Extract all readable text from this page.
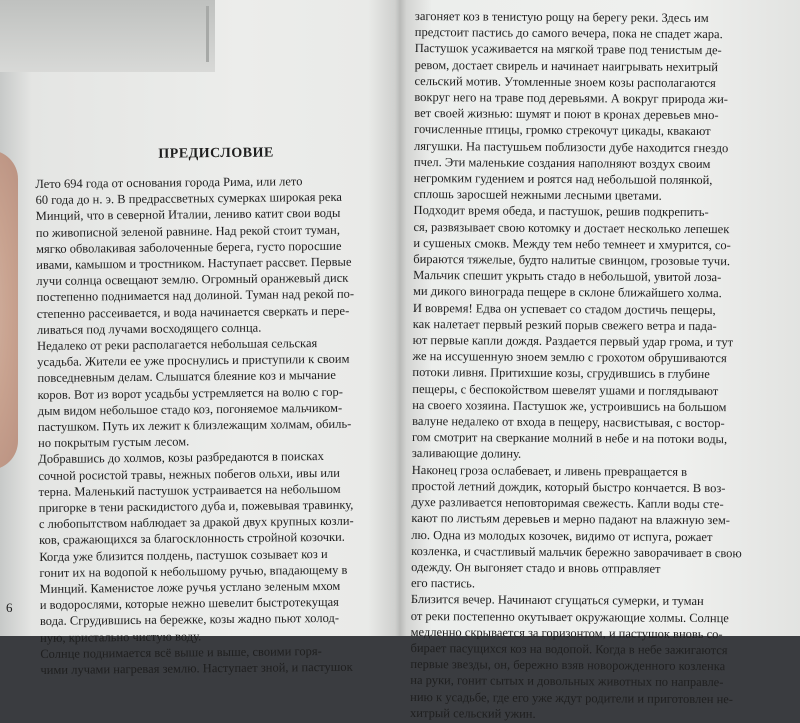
ПРЕДИСЛОВИЕ

Лето 694 года от основания города Рима, или лето
60 года до н. э. В предрассветных сумерках широкая река
Минций, что в северной Италии, лениво катит свои воды
по живописной зеленой равнине. Над рекой стоит туман,
мягко обволакивая заболоченные берега, густо поросшие
ивами, камышом и тростником. Наступает рассвет. Первые
лучи солнца освещают землю. Огромный оранжевый диск
постепенно поднимается над долиной. Туман над рекой по-
степенно рассеивается, и вода начинается сверкать и пере-
ливаться под лучами восходящего солнца.

Недалеко от реки располагается небольшая сельская
усадьба. Жители ее уже проснулись и приступили к своим
повседневным делам. Слышатся блеяние коз и мычание
коров. Вот из ворот усадьбы устремляется на волю с гор-
дым видом небольшое стадо коз, погоняемое мальчиком-
пастушком. Путь их лежит к близлежащим холмам, обиль-
но покрытым густым лесом.

Добравшись до холмов, козы разбредаются в поисках
сочной росистой травы, нежных побегов ольхи, ивы или
терна. Маленький пастушок устраивается на небольшом
пригорке в тени раскидистого дуба и, пожевывая травинку,
с любопытством наблюдает за дракой двух крупных козли-
ков, сражающихся за благосклонность стройной козочки.

Когда уже близится полдень, пастушок созывает коз и
гонит их на водопой к небольшому ручью, впадающему в
Минций. Каменистое ложе ручья устлано зеленым мхом
и водорослями, которые нежно шевелит быстротекущая
вода. Сгрудившись на бережке, козы жадно пьют холод-
ную, кристально чистую воду.

Солнце поднимается всё выше и выше, своими горя-
чими лучами нагревая землю. Наступает зной, и пастушок

6

загоняет коз в тенистую рощу на берегу реки. Здесь им
предстоит пастись до самого вечера, пока не спадет жара.
Пастушок усаживается на мягкой траве под тенистым де-
ревом, достает свирель и начинает наигрывать нехитрый
сельский мотив. Утомленные зноем козы располагаются
вокруг него на траве под деревьями. А вокруг природа жи-
вет своей жизнью: шумят и поют в кронах деревьев мно-
гочисленные птицы, громко стрекочут цикады, квакают
лягушки. На пастушьем поблизости дубе находится гнездо
пчел. Эти маленькие создания наполняют воздух своим
негромким гудением и роятся над небольшой полянкой,
сплошь заросшей нежными лесными цветами.

Подходит время обеда, и пастушок, решив подкрепить-
ся, развязывает свою котомку и достает несколько лепешек
и сушеных смокв. Между тем небо темнеет и хмурится, со-
бираются тяжелые, будто налитые свинцом, грозовые тучи.
Мальчик спешит укрыть стадо в небольшой, увитой лоза-
ми дикого винограда пещере в склоне ближайшего холма.
И вовремя! Едва он успевает со стадом достичь пещеры,
как налетает первый резкий порыв свежего ветра и пада-
ют первые капли дождя. Раздается первый удар грома, и тут
же на иссушенную зноем землю с грохотом обрушиваются
потоки ливня. Притихшие козы, сгрудившись в глубине
пещеры, с беспокойством шевелят ушами и поглядывают
на своего хозяина. Пастушок же, устроившись на большом
валуне недалеко от входа в пещеру, насвистывая, с востор-
гом смотрит на сверкание молний в небе и на потоки воды,
заливающие долину.

Наконец гроза ослабевает, и ливень превращается в
простой летний дождик, который быстро кончается. В воз-
духе разливается неповторимая свежесть. Капли воды сте-
кают по листьям деревьев и мерно падают на влажную зем-
лю. Одна из молодых козочек, видимо от испуга, рожает
козленка, и счастливый мальчик бережно заворачивает в свою
одежду. Он выгоняет стадо и вновь отправляет
его пастись.

Близится вечер. Начинают сгущаться сумерки, и туман
от реки постепенно окутывает окружающие холмы. Солнце
медленно скрывается за горизонтом, и пастушок вновь со-
бирает пасущихся коз на водопой. Когда в небе зажигаются
первые звезды, он, бережно взяв новорожденного козленка
на руки, гонит сытых и довольных животных по направле-
нию к усадьбе, где его уже ждут родители и приготовлен не-
хитрый сельский ужин.
